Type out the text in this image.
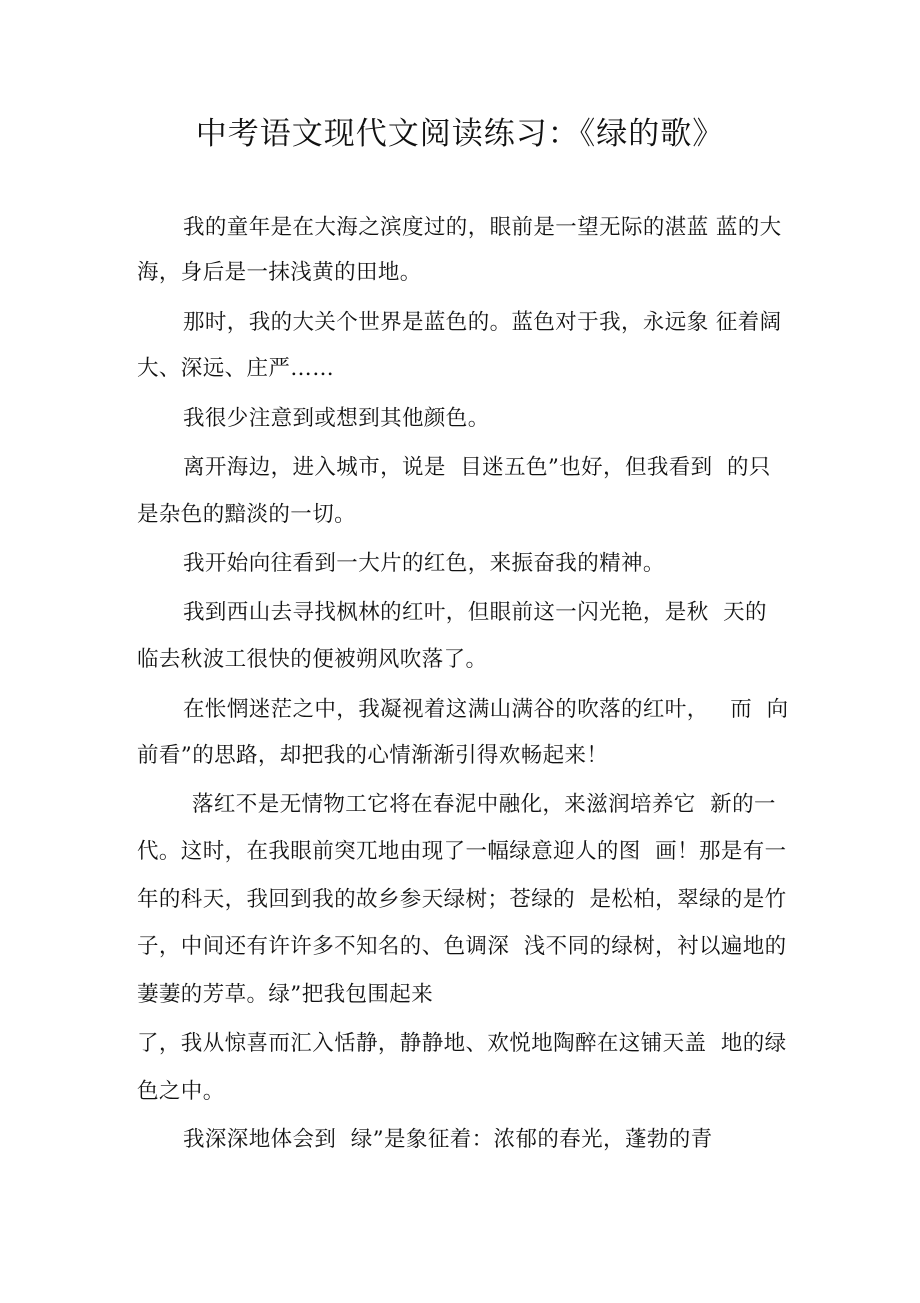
中考语文现代文阅读练习：《绿的歌》
我的童年是在大海之滨度过的，眼前是一望无际的湛蓝 蓝的大
海，身后是一抹浅黄的田地。
那时，我的大关个世界是蓝色的。蓝色对于我，永远象 征着阔
大、深远、庄严……
我很少注意到或想到其他颜色。
离开海边，进入城市，说是  目迷五色”也好，但我看到  的只
是杂色的黯淡的一切。
我开始向往看到一大片的红色，来振奋我的精神。
我到西山去寻找枫林的红叶，但眼前这一闪光艳，是秋  天的
临去秋波工很快的便被朔风吹落了。
在怅惘迷茫之中，我凝视着这满山满谷的吹落的红叶，   而  向
前看”的思路，却把我的心情渐渐引得欢畅起来！
落红不是无情物工它将在春泥中融化，来滋润培养它  新的一
代。这时，在我眼前突兀地由现了一幅绿意迎人的图  画！那是有一
年的科天，我回到我的故乡参天绿树；苍绿的  是松柏，翠绿的是竹
子，中间还有许许多不知名的、色调深  浅不同的绿树，衬以遍地的
萋萋的芳草。绿”把我包围起来
了，我从惊喜而汇入恬静，静静地、欢悦地陶醉在这铺天盖  地的绿
色之中。
我深深地体会到  绿”是象征着：浓郁的春光，蓬勃的青
